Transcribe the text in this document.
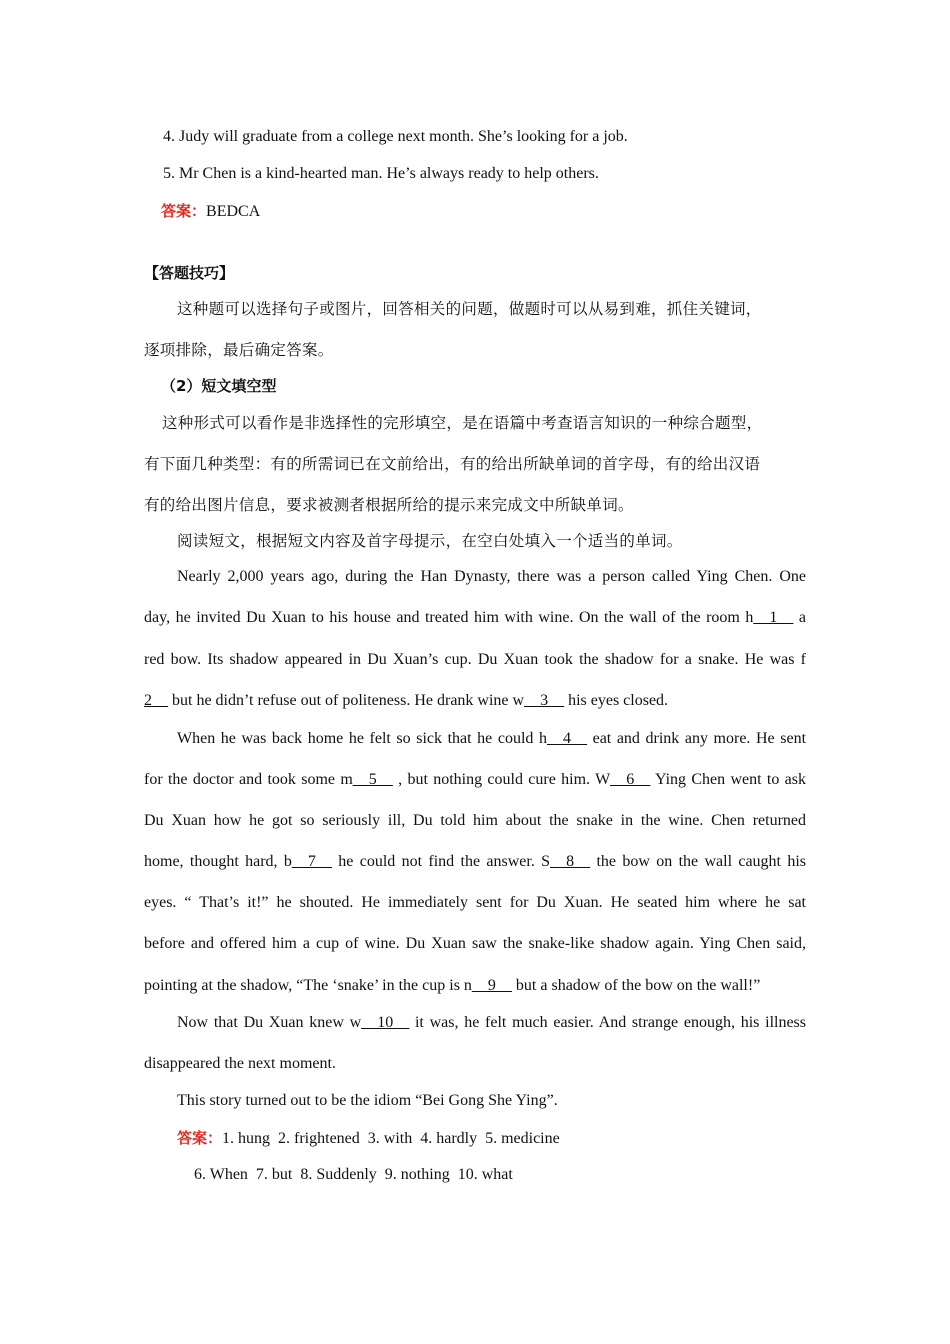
4. Judy will graduate from a college next month. She’s looking for a job.
5. Mr Chen is a kind-hearted man. He’s always ready to help others.
答案：BEDCA
【答题技巧】
这种题可以选择句子或图片，回答相关的问题，做题时可以从易到难，抓住关键词，
逐项排除，最后确定答案。
（2）短文填空型
这种形式可以看作是非选择性的完形填空，是在语篇中考查语言知识的一种综合题型，
有下面几种类型：有的所需词已在文前给出，有的给出所缺单词的首字母，有的给出汉语
有的给出图片信息，要求被测者根据所给的提示来完成文中所缺单词。
阅读短文，根据短文内容及首字母提示，在空白处填入一个适当的单词。
Nearly 2,000 years ago, during the Han Dynasty, there was a person called Ying Chen. One
day, he invited Du Xuan to his house and treated him with wine. On the wall of the room h__1__ a
red bow. Its shadow appeared in Du Xuan’s cup. Du Xuan took the shadow for a snake. He was f
2__ but he didn’t refuse out of politeness. He drank wine w__3__ his eyes closed.
When he was back home he felt so sick that he could h__4__ eat and drink any more. He sent
for the doctor and took some m__5__ , but nothing could cure him. W__6__ Ying Chen went to ask
Du Xuan how he got so seriously ill, Du told him about the snake in the wine. Chen returned
home, thought hard, b__7__ he could not find the answer. S__8__ the bow on the wall caught his
eyes. “ That’s it!” he shouted. He immediately sent for Du Xuan. He seated him where he sat
before and offered him a cup of wine. Du Xuan saw the snake-like shadow again. Ying Chen said,
pointing at the shadow, “The ‘snake’ in the cup is n__9__ but a shadow of the bow on the wall!”
Now that Du Xuan knew w__10__ it was, he felt much easier. And strange enough, his illness
disappeared the next moment.
This story turned out to be the idiom “Bei Gong She Ying”.
答案：1. hung  2. frightened  3. with  4. hardly  5. medicine
6. When  7. but  8. Suddenly  9. nothing  10. what
